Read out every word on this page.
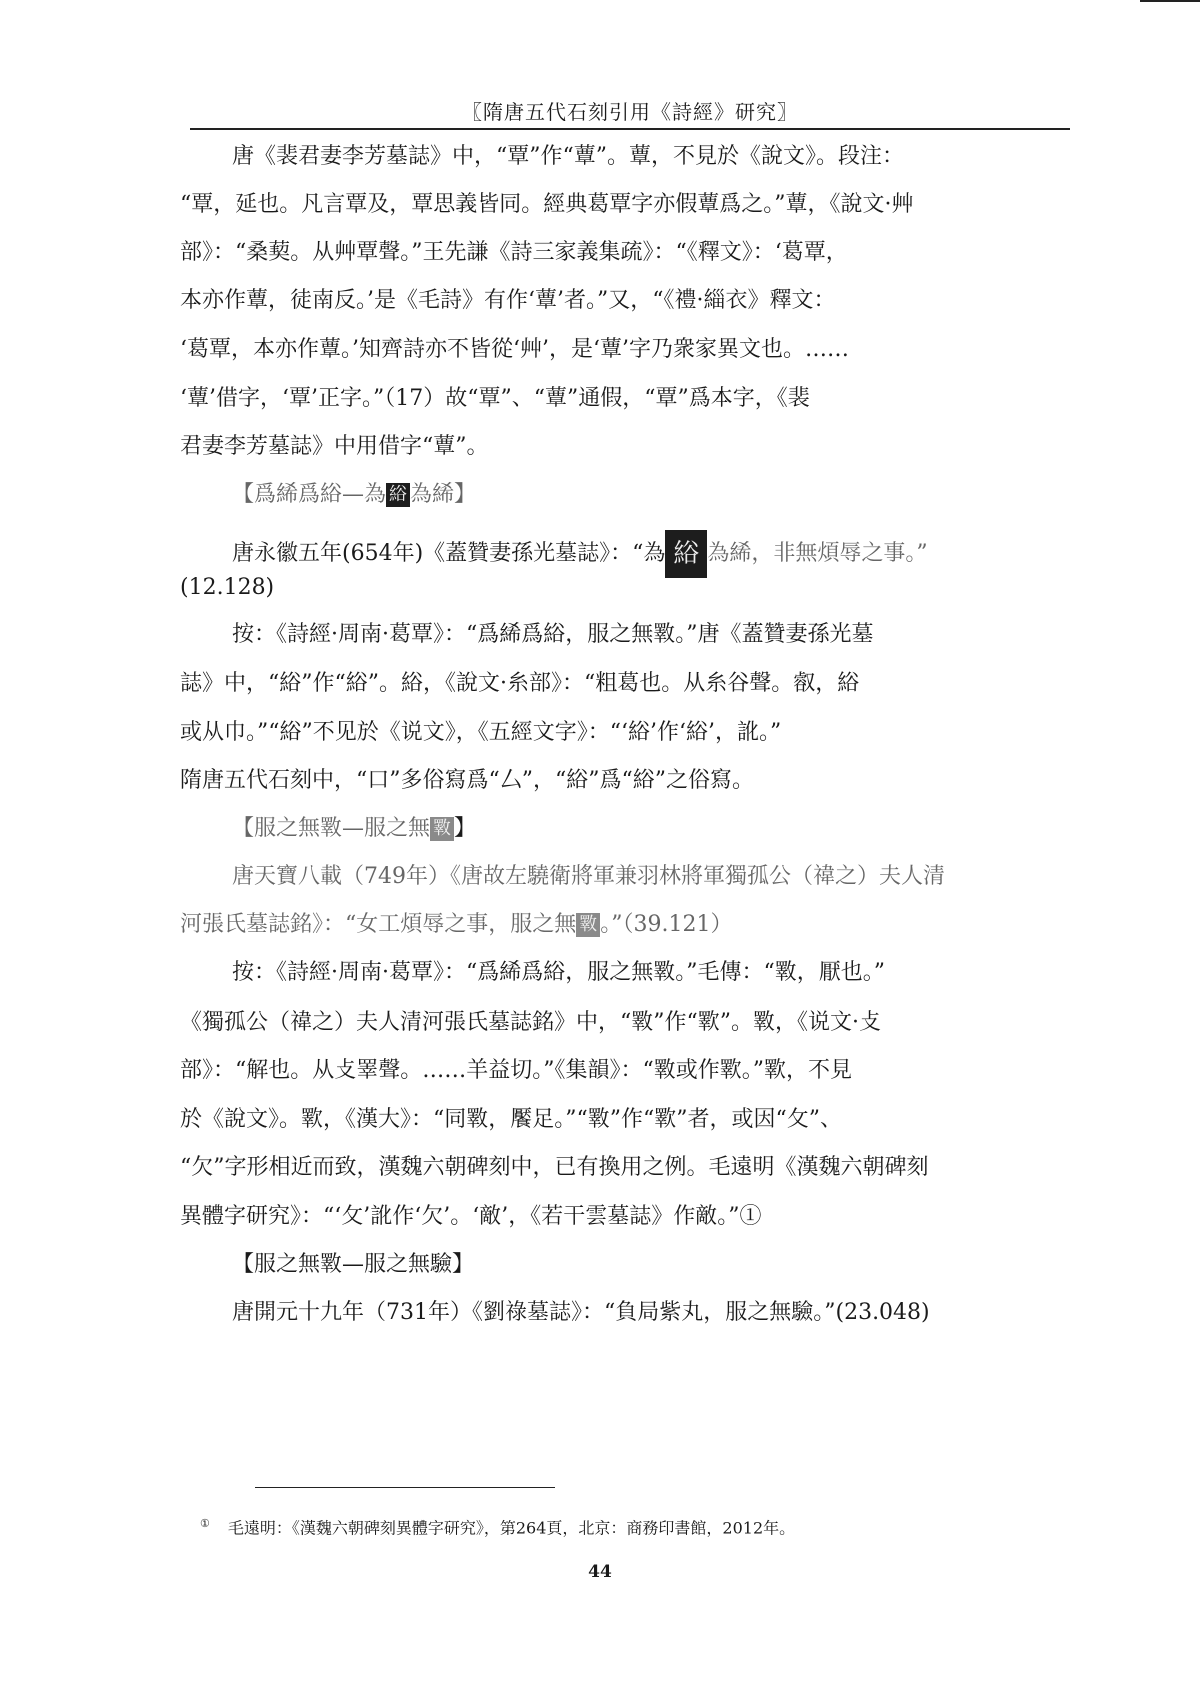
〖隋唐五代石刻引用《詩經》研究〗
唐《裴君妻李芳墓誌》中，“覃”作“蕈”。蕈，不見於《說文》。段注：
“覃，延也。凡言覃及，覃思義皆同。經典葛覃字亦假蕈爲之。”蕈，《說文·艸
部》：“桑葜。从艸覃聲。”王先謙《詩三家義集疏》：“《釋文》：‘葛覃，
本亦作蕈，徒南反。’是《毛詩》有作‘蕈’者。”又，“《禮·緇衣》釋文：
‘葛覃，本亦作蕈。’知齊詩亦不皆從‘艸’，是‘蕈’字乃衆家異文也。……
‘蕈’借字，‘覃’正字。”（17）故“覃”、“蕈”通假，“覃”爲本字，《裴
君妻李芳墓誌》中用借字“蕈”。
【爲絺爲綌—為 綌 為絺】
唐永徽五年(654年)《蓋贊妻孫光墓誌》：“為 綌 為絺，非無煩辱之事。”
(12.128)
按：《詩經·周南·葛覃》：“爲絺爲綌，服之無斁。”唐《蓋贊妻孫光墓
誌》中，“綌”作“綌”。綌，《說文·糸部》：“粗葛也。从糸谷聲。㕡，綌
或从巾。”“綌”不见於《说文》，《五經文字》：“‘綌’作‘綌’，訛。”
隋唐五代石刻中，“口”多俗寫爲“厶”，“綌”爲“綌”之俗寫。
【服之無斁—服之無 斁 】
唐天寶八載（749年）《唐故左驍衛將軍兼羽林將軍獨孤公（禕之）夫人清
河張氏墓誌銘》：“女工煩辱之事，服之無 斁 。”（39.121）
按：《詩經·周南·葛覃》：“爲絺爲綌，服之無斁。”毛傳：“斁，厭也。”
《獨孤公（禕之）夫人清河張氏墓誌銘》中，“斁”作“歝”。斁，《说文·攴
部》：“解也。从攴睪聲。……羊益切。”《集韻》：“斁或作歝。”歝，不見
於《說文》。歝，《漢大》：“同斁，饜足。”“斁”作“歝”者，或因“攵”、
“欠”字形相近而致，漢魏六朝碑刻中，已有換用之例。毛遠明《漢魏六朝碑刻
異體字研究》：“‘攵’訛作‘欠’。‘敵’，《若干雲墓誌》作敵。”①
【服之無斁—服之無驗】
唐開元十九年（731年）《劉祿墓誌》：“負局紫丸，服之無驗。”(23.048)
① 毛遠明：《漢魏六朝碑刻異體字研究》，第264頁，北京：商務印書館，2012年。
44
